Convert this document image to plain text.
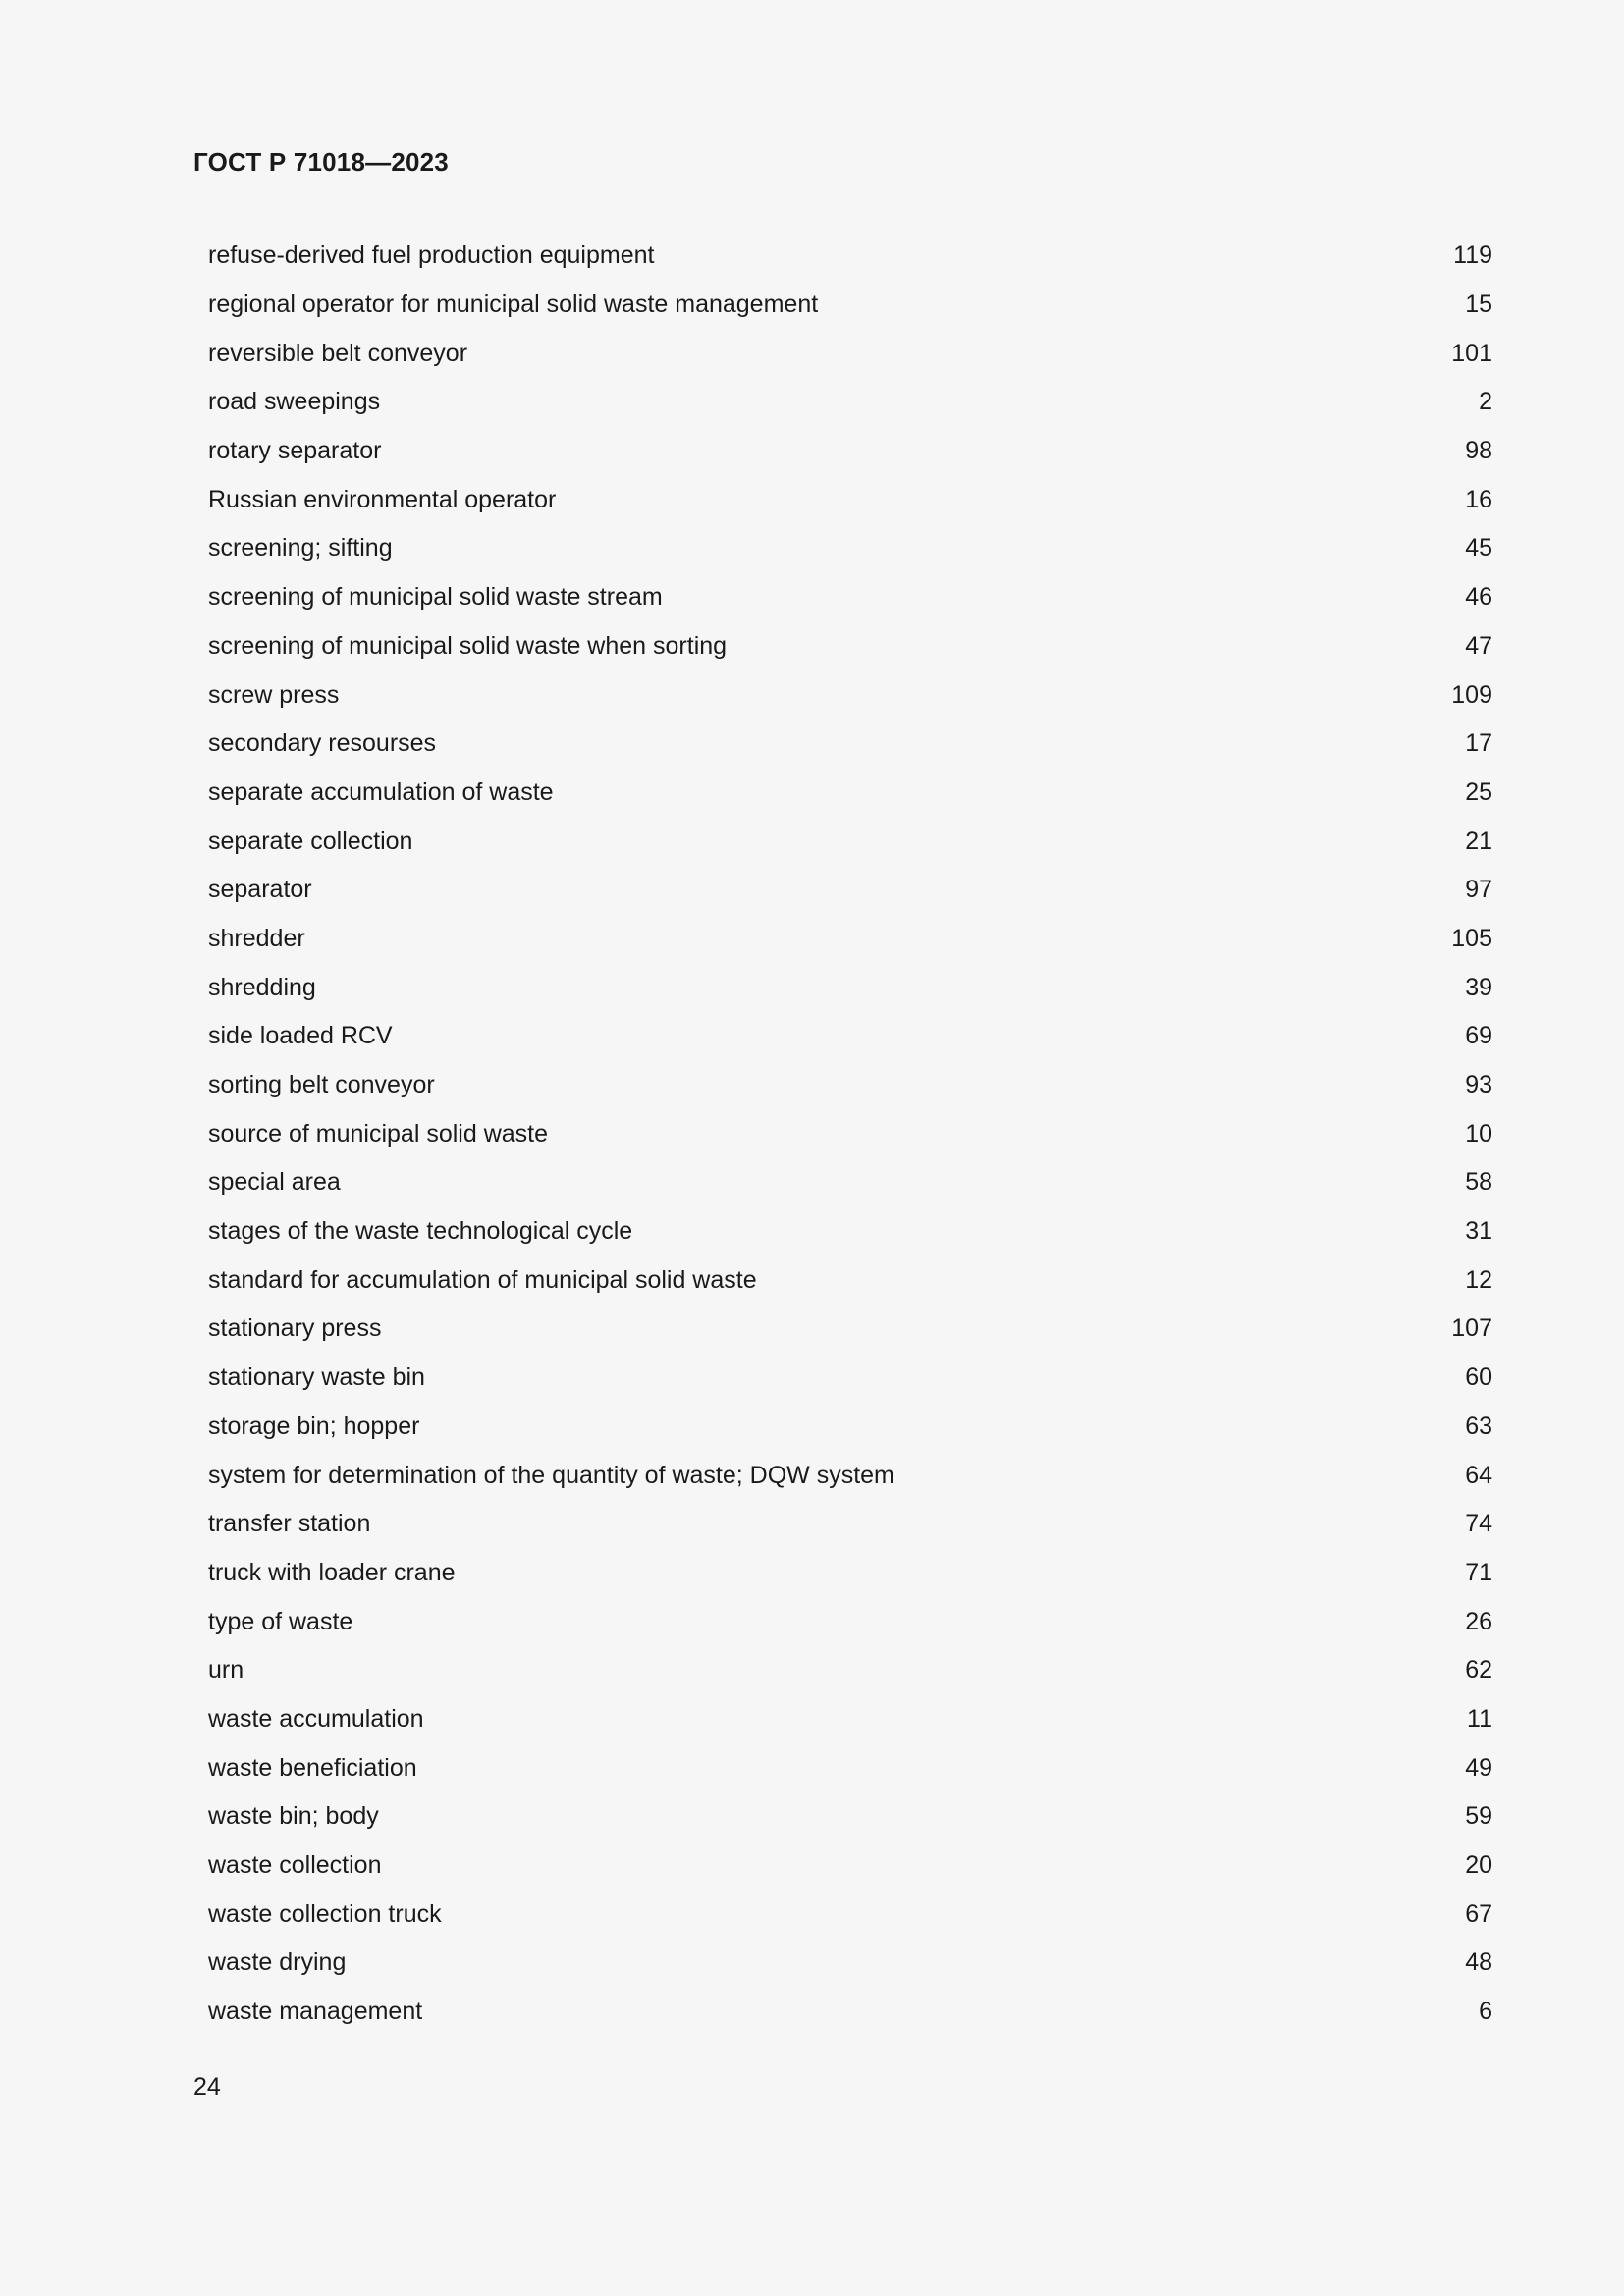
ГОСТ Р 71018—2023
refuse-derived fuel production equipment	119
regional operator for municipal solid waste management	15
reversible belt conveyor	101
road sweepings	2
rotary separator	98
Russian environmental operator	16
screening; sifting	45
screening of municipal solid waste stream	46
screening of municipal solid waste when sorting	47
screw press	109
secondary resourses	17
separate accumulation of waste	25
separate collection	21
separator	97
shredder	105
shredding	39
side loaded RCV	69
sorting belt conveyor	93
source of municipal solid waste	10
special area	58
stages of the waste technological cycle	31
standard for accumulation of municipal solid waste	12
stationary press	107
stationary waste bin	60
storage bin; hopper	63
system for determination of the quantity of waste; DQW system	64
transfer station	74
truck with loader crane	71
type of waste	26
urn	62
waste accumulation	11
waste beneficiation	49
waste bin; body	59
waste collection	20
waste collection truck	67
waste drying	48
waste management	6
24
